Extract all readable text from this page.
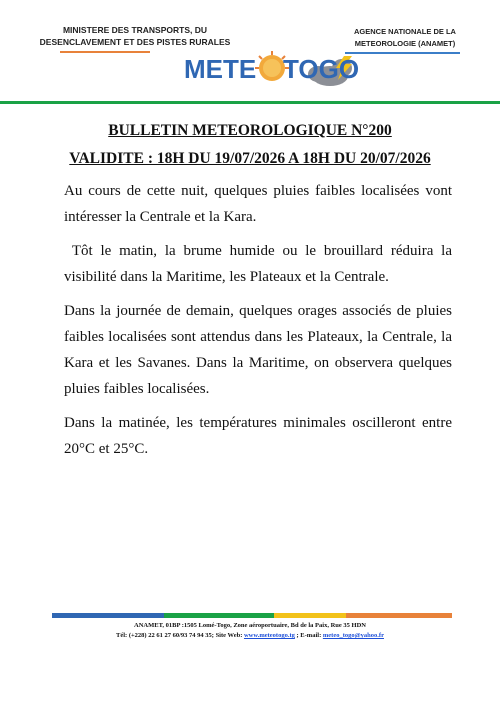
MINISTERE DES TRANSPORTS, DU
DESENCLAVEMENT ET DES PISTES RURALES
AGENCE NATIONALE DE LA
METEOROLOGIE (ANAMET)
METE TOGO
BULLETIN METEOROLOGIQUE N°200
VALIDITE : 18H DU 19/07/2026 A 18H DU 20/07/2026
Au cours de cette nuit, quelques pluies faibles localisées vont intéresser la Centrale et la Kara.
Tôt le matin, la brume humide ou le brouillard réduira la visibilité dans la Maritime, les Plateaux et la Centrale.
Dans la journée de demain, quelques orages associés de pluies faibles localisées sont attendus dans les Plateaux, la Centrale, la Kara et les Savanes. Dans la Maritime, on observera quelques pluies faibles localisées.
Dans la matinée, les températures minimales oscilleront entre 20°C et 25°C.
ANAMET, 01BP :1505 Lomé-Togo, Zone aéroportuaire, Bd de la Paix, Rue 35 HDN
Tél: (+228) 22 61 27 60/93 74 94 35; Site Web: www.meteotogo.tg ; E-mail: meteo_togo@yahoo.fr
